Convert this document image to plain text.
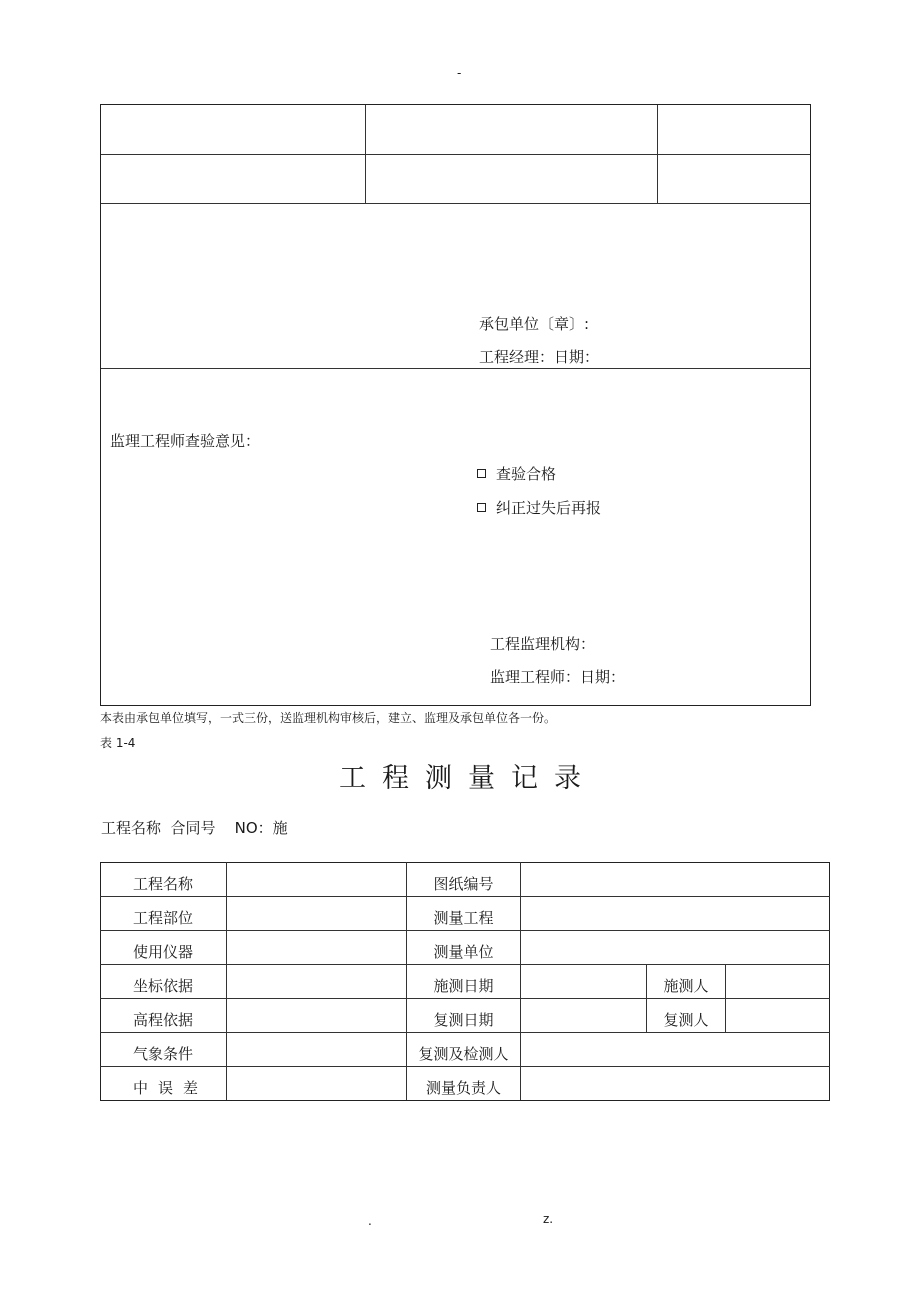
-
承包单位〔章〕:
工程经理：日期：
监理工程师查验意见：
查验合格
纠正过失后再报
工程监理机构：
监理工程师：日期：
本表由承包单位填写，一式三份，送监理机构审核后，建立、监理及承包单位各一份。
表 1-4
工程测量记录
工程名称  合同号    NO：施
工程名称		图纸编号			
工程部位		测量工程			
使用仪器		测量单位			
坐标依据		施测日期		施测人	
高程依据		复测日期		复测人	
气象条件		复测及检测人			
中误差		测量负责人			
.	z.
